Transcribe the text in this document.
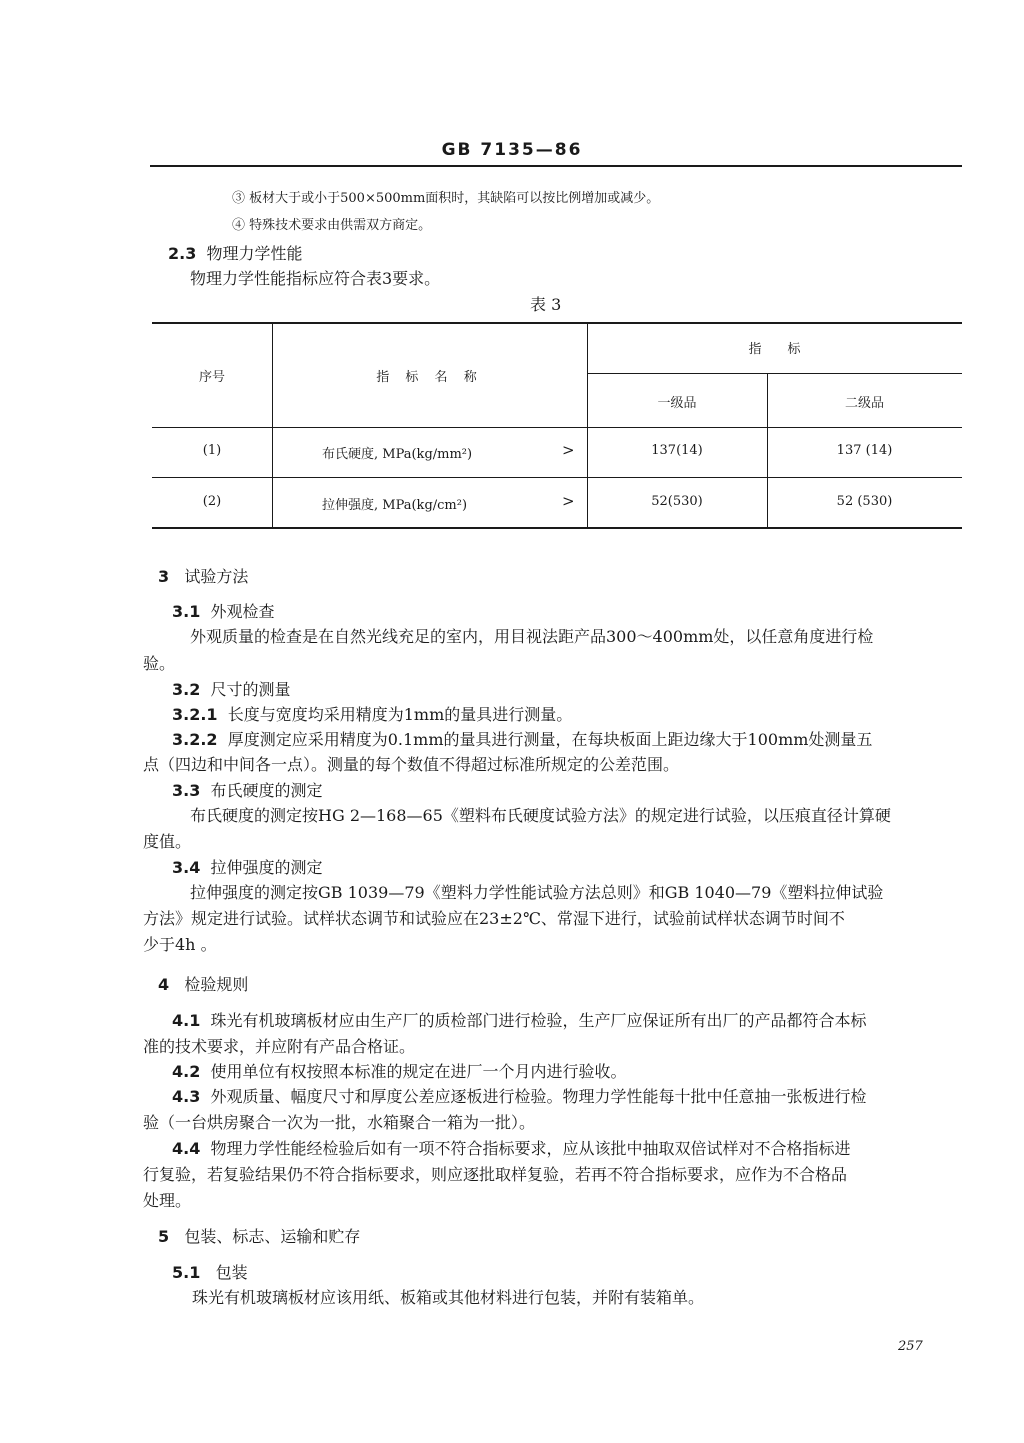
GB 7135—86
③ 板材大于或小于500×500mm面积时，其缺陷可以按比例增加或减少。
④ 特殊技术要求由供需双方商定。
2.3 物理力学性能
物理力学性能指标应符合表3要求。
表 3
序号	指 标 名 称
指　　标
一级品	二级品
(1)	布氏硬度, MPa(kg/mm²)	>	137(14)	137 (14)
(2)	拉伸强度, MPa(kg/cm²)	>	52(530)	52 (530)
3 试验方法
3.1 外观检查
外观质量的检查是在自然光线充足的室内，用目视法距产品300～400mm处，以任意角度进行检
验。
3.2 尺寸的测量
3.2.1 长度与宽度均采用精度为1mm的量具进行测量。
3.2.2 厚度测定应采用精度为0.1mm的量具进行测量，在每块板面上距边缘大于100mm处测量五
点（四边和中间各一点）。测量的每个数值不得超过标准所规定的公差范围。
3.3 布氏硬度的测定
布氏硬度的测定按HG 2—168—65《塑料布氏硬度试验方法》的规定进行试验，以压痕直径计算硬
度值。
3.4 拉伸强度的测定
拉伸强度的测定按GB 1039—79《塑料力学性能试验方法总则》和GB 1040—79《塑料拉伸试验
方法》规定进行试验。试样状态调节和试验应在23±2℃、常湿下进行，试验前试样状态调节时间不
少于4h 。
4 检验规则
4.1 珠光有机玻璃板材应由生产厂的质检部门进行检验，生产厂应保证所有出厂的产品都符合本标
准的技术要求，并应附有产品合格证。
4.2 使用单位有权按照本标准的规定在进厂一个月内进行验收。
4.3 外观质量、幅度尺寸和厚度公差应逐板进行检验。物理力学性能每十批中任意抽一张板进行检
验（一台烘房聚合一次为一批，水箱聚合一箱为一批）。
4.4 物理力学性能经检验后如有一项不符合指标要求，应从该批中抽取双倍试样对不合格指标进
行复验，若复验结果仍不符合指标要求，则应逐批取样复验，若再不符合指标要求，应作为不合格品
处理。
5 包装、标志、运输和贮存
5.1 包装
珠光有机玻璃板材应该用纸、板箱或其他材料进行包装，并附有装箱单。
257
